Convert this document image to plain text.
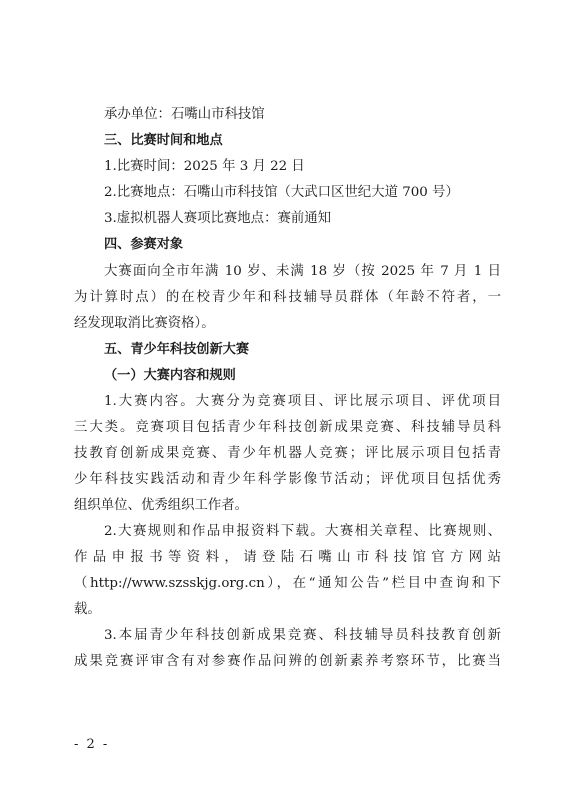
承办单位：石嘴山市科技馆
三、比赛时间和地点
1.比赛时间：2025 年 3 月 22 日
2.比赛地点：石嘴山市科技馆（大武口区世纪大道 700 号）
3.虚拟机器人赛项比赛地点：赛前通知
四、参赛对象
大赛面向全市年满 10 岁、未满 18 岁（按 2025 年 7 月 1 日
为计算时点）的在校青少年和科技辅导员群体（年龄不符者，一
经发现取消比赛资格）。
五、青少年科技创新大赛
（一）大赛内容和规则
1.大赛内容。大赛分为竞赛项目、评比展示项目、评优项目
三大类。竞赛项目包括青少年科技创新成果竞赛、科技辅导员科
技教育创新成果竞赛、青少年机器人竞赛；评比展示项目包括青
少年科技实践活动和青少年科学影像节活动；评优项目包括优秀
组织单位、优秀组织工作者。
2.大赛规则和作品申报资料下载。大赛相关章程、比赛规则、
作品申报书等资料，请登陆石嘴山市科技馆官方网站
（http://www.szsskjg.org.cn），在“通知公告”栏目中查询和下
载。
3.本届青少年科技创新成果竞赛、科技辅导员科技教育创新
成果竞赛评审含有对参赛作品问辨的创新素养考察环节，比赛当
- 2 -
